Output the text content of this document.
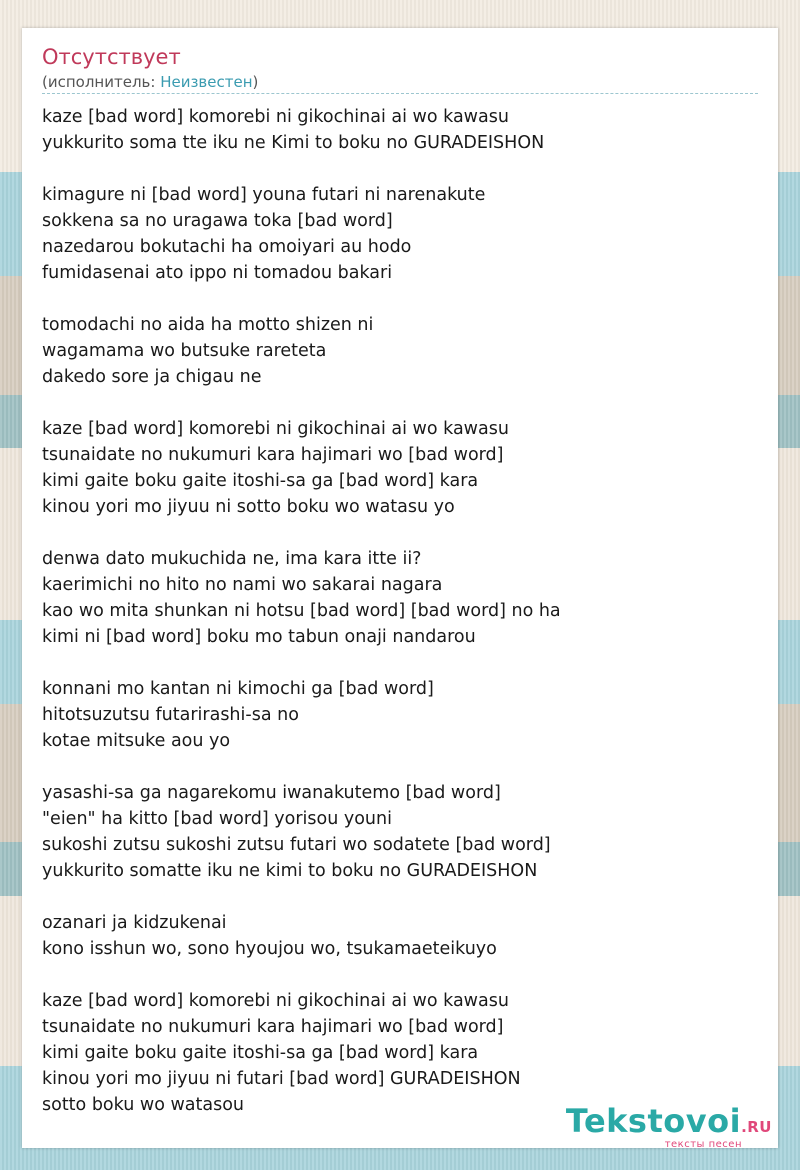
Отсутствует
(исполнитель: Неизвестен)
kaze [bad word] komorebi ni gikochinai ai wo kawasu
yukkurito soma tte iku ne Kimi to boku no GURADEISHON
kimagure ni [bad word] youna futari ni narenakute
sokkena sa no uragawa toka [bad word]
nazedarou bokutachi ha omoiyari au hodo
fumidasenai ato ippo ni tomadou bakari
tomodachi no aida ha motto shizen ni
wagamama wo butsuke rareteta
dakedo sore ja chigau ne
kaze [bad word] komorebi ni gikochinai ai wo kawasu
tsunaidate no nukumuri kara hajimari wo [bad word]
kimi gaite boku gaite itoshi-sa ga [bad word] kara
kinou yori mo jiyuu ni sotto boku wo watasu yo
denwa dato mukuchida ne, ima kara itte ii?
kaerimichi no hito no nami wo sakarai nagara
kao wo mita shunkan ni hotsu [bad word] [bad word] no ha
kimi ni [bad word] boku mo tabun onaji nandarou
konnani mo kantan ni kimochi ga [bad word]
hitotsuzutsu futarirashi-sa no
kotae mitsuke aou yo
yasashi-sa ga nagarekomu iwanakutemo [bad word]
"eien" ha kitto [bad word] yorisou youni
sukoshi zutsu sukoshi zutsu futari wo sodatete [bad word]
yukkurito somatte iku ne kimi to boku no GURADEISHON
ozanari ja kidzukenai
kono isshun wo, sono hyoujou wo, tsukamaeteikuyo
kaze [bad word] komorebi ni gikochinai ai wo kawasu
tsunaidate no nukumuri kara hajimari wo [bad word]
kimi gaite boku gaite itoshi-sa ga [bad word] kara
kinou yori mo jiyuu ni futari [bad word] GURADEISHON
sotto boku wo watasou	Tekstovoi.RU
тексты песен
